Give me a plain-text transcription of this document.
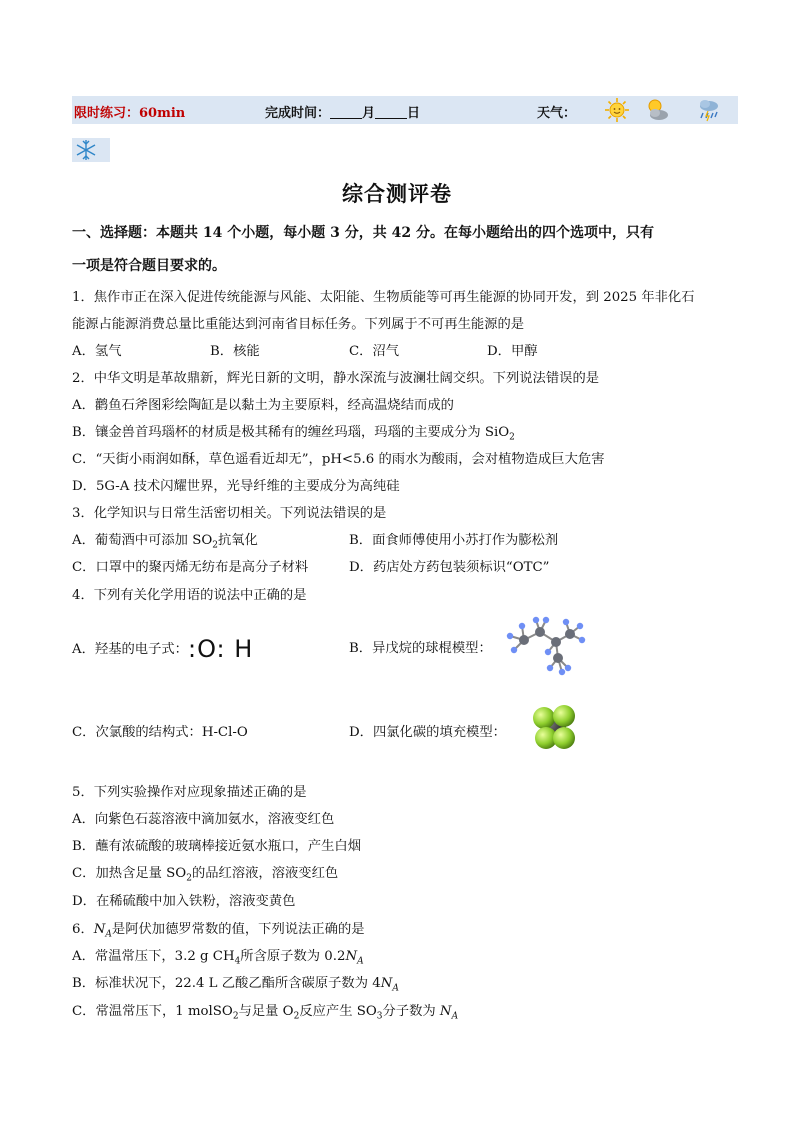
限时练习：60min	完成时间： 月 日	天气：
综合测评卷
一、选择题：本题共 14 个小题，每小题 3 分，共 42 分。在每小题给出的四个选项中，只有
一项是符合题目要求的。
1．焦作市正在深入促进传统能源与风能、太阳能、生物质能等可再生能源的协同开发，到 2025 年非化石
能源占能源消费总量比重能达到河南省目标任务。下列属于不可再生能源的是
A．氢气	B．核能	C．沼气	D．甲醇
2．中华文明是革故鼎新，辉光日新的文明，静水深流与波澜壮阔交织。下列说法错误的是
A．鹳鱼石斧图彩绘陶缸是以黏土为主要原料，经高温烧结而成的
B．镶金兽首玛瑙杯的材质是极其稀有的缠丝玛瑙，玛瑙的主要成分为 SiO$_2$
C．“天街小雨润如酥，草色遥看近却无”，pH<5.6 的雨水为酸雨，会对植物造成巨大危害
D．5G-A 技术闪耀世界，光导纤维的主要成分为高纯硅
3．化学知识与日常生活密切相关。下列说法错误的是
A．葡萄酒中可添加 $SO_2$抗氧化	B．面食师傅使用小苏打作为膨松剂
C．口罩中的聚丙烯无纺布是高分子材料	D．药店处方药包装须标识“OTC”
4．下列有关化学用语的说法中正确的是
A．羟基的电子式：:O: H	B．异戊烷的球棍模型：
C．次氯酸的结构式：H-Cl-O	D．四氯化碳的填充模型：
5．下列实验操作对应现象描述正确的是
A．向紫色石蕊溶液中滴加氨水，溶液变红色
B．蘸有浓硫酸的玻璃棒接近氨水瓶口，产生白烟
C．加热含足量 $SO_2$的品红溶液，溶液变红色
D．在稀硫酸中加入铁粉，溶液变黄色
6．$N_A$是阿伏加德罗常数的值，下列说法正确的是
A．常温常压下，3.2 g $CH_4$所含原子数为 $0.2N_A$
B．标准状况下，22.4 L 乙酸乙酯所含碳原子数为 $4N_A$
C．常温常压下，1 molSO$_2$与足量 $O_2$反应产生 $SO_3$分子数为 $N_A$
